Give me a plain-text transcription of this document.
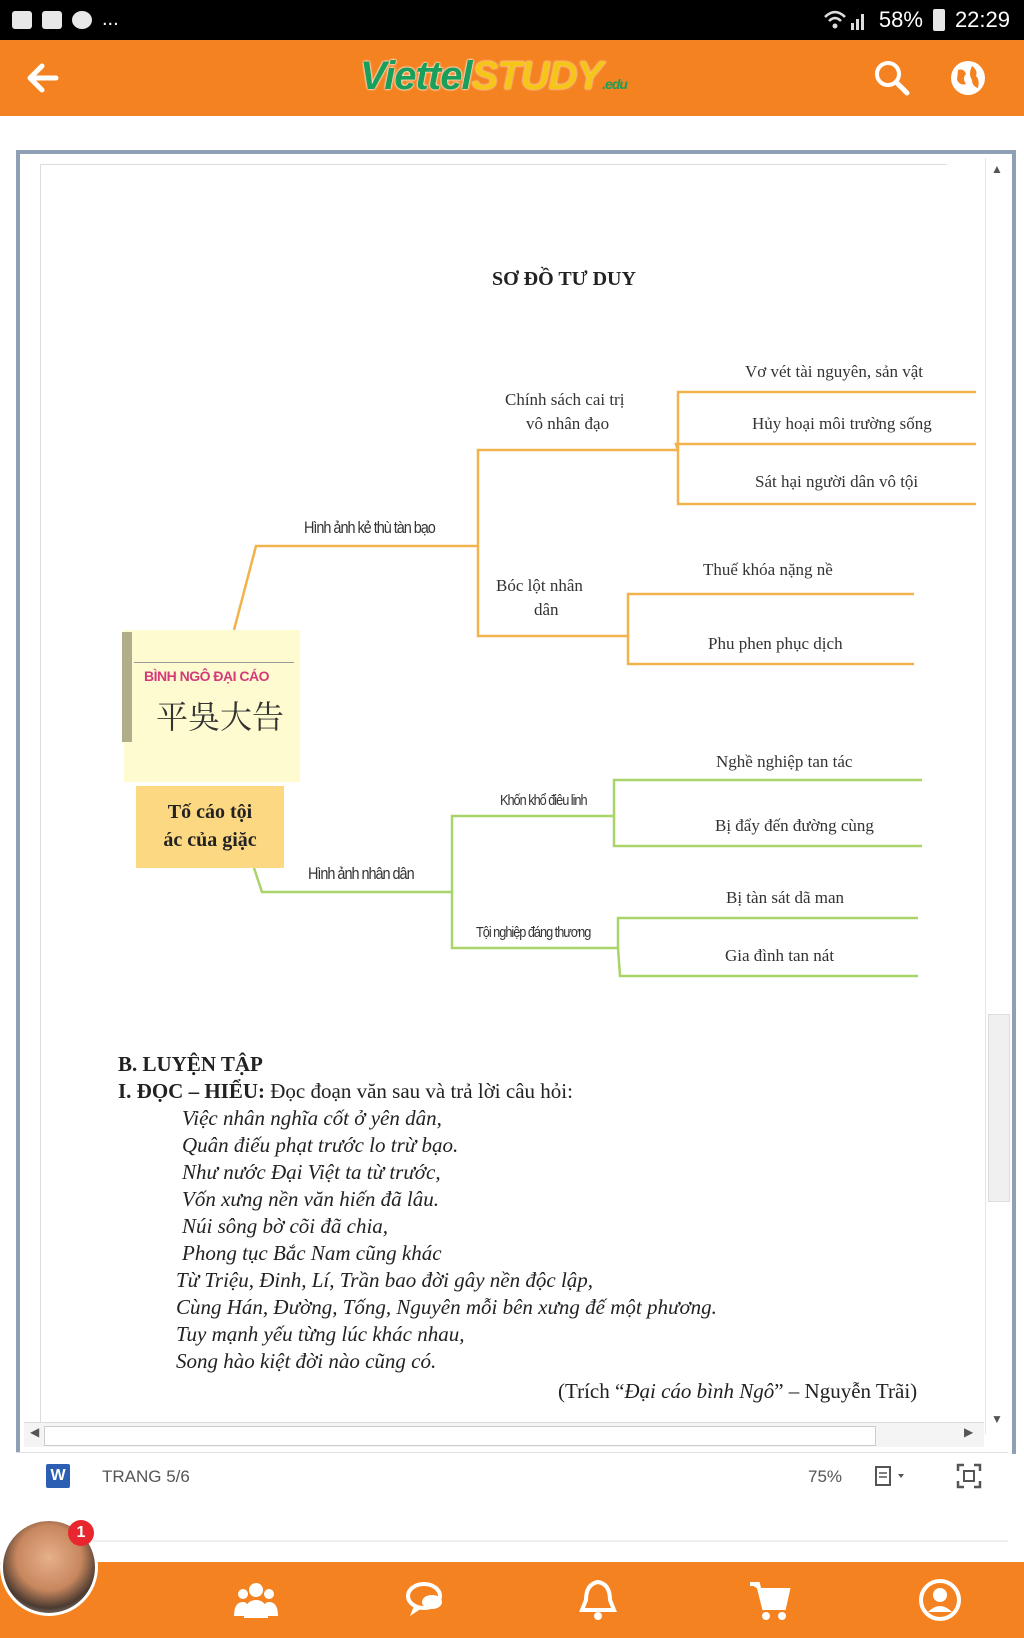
...	58% 22:29
ViettelSTUDY.edu
▲
▼
◀	▶
SƠ ĐỒ TƯ DUY
BÌNH NGÔ ĐẠI CÁO
平吳大告
Tố cáo tội
ác của giặc
Hình ảnh kẻ thù tàn bạo
Chính sách cai trị
vô nhân đạo
Vơ vét tài nguyên, sản vật
Hủy hoại môi trường sống
Sát hại người dân vô tội
Bóc lột nhân
dân
Thuế khóa nặng nề
Phu phen phục dịch
Hình ảnh nhân dân
Khốn khổ điêu linh
Nghề nghiệp tan tác
Bị đẩy đến đường cùng
Tội nghiệp đáng thương
Bị tàn sát dã man
Gia đình tan nát
B. LUYỆN TẬP
I. ĐỌC – HIỂU: Đọc đoạn văn sau và trả lời câu hỏi:
Việc nhân nghĩa cốt ở yên dân,
Quân điếu phạt trước lo trừ bạo.
Như nước Đại Việt ta từ trước,
Vốn xưng nền văn hiến đã lâu.
Núi sông bờ cõi đã chia,
Phong tục Bắc Nam cũng khác
Từ Triệu, Đinh, Lí, Trần bao đời gây nền độc lập,
Cùng Hán, Đường, Tống, Nguyên mỗi bên xưng đế một phương.
Tuy mạnh yếu từng lúc khác nhau,
Song hào kiệt đời nào cũng có.
(Trích “Đại cáo bình Ngô” – Nguyễn Trãi)
W TRANG 5/6	75%
1
